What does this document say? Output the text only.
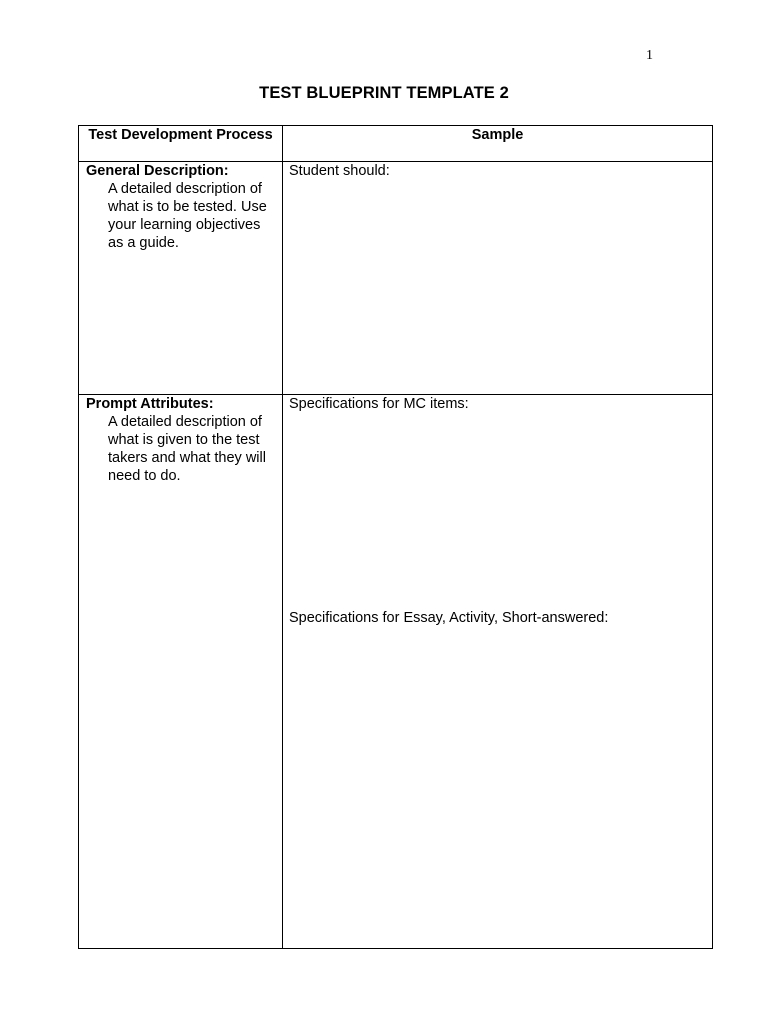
1
TEST BLUEPRINT TEMPLATE 2
Test Development Process	Sample

General Description:
A detailed description of what is to be tested. Use your learning objectives as a guide.	Student should:

Prompt Attributes:
A detailed description of what is given to the test takers and what they will need to do.	Specifications for MC items:
Specifications for Essay, Activity, Short-answered:
